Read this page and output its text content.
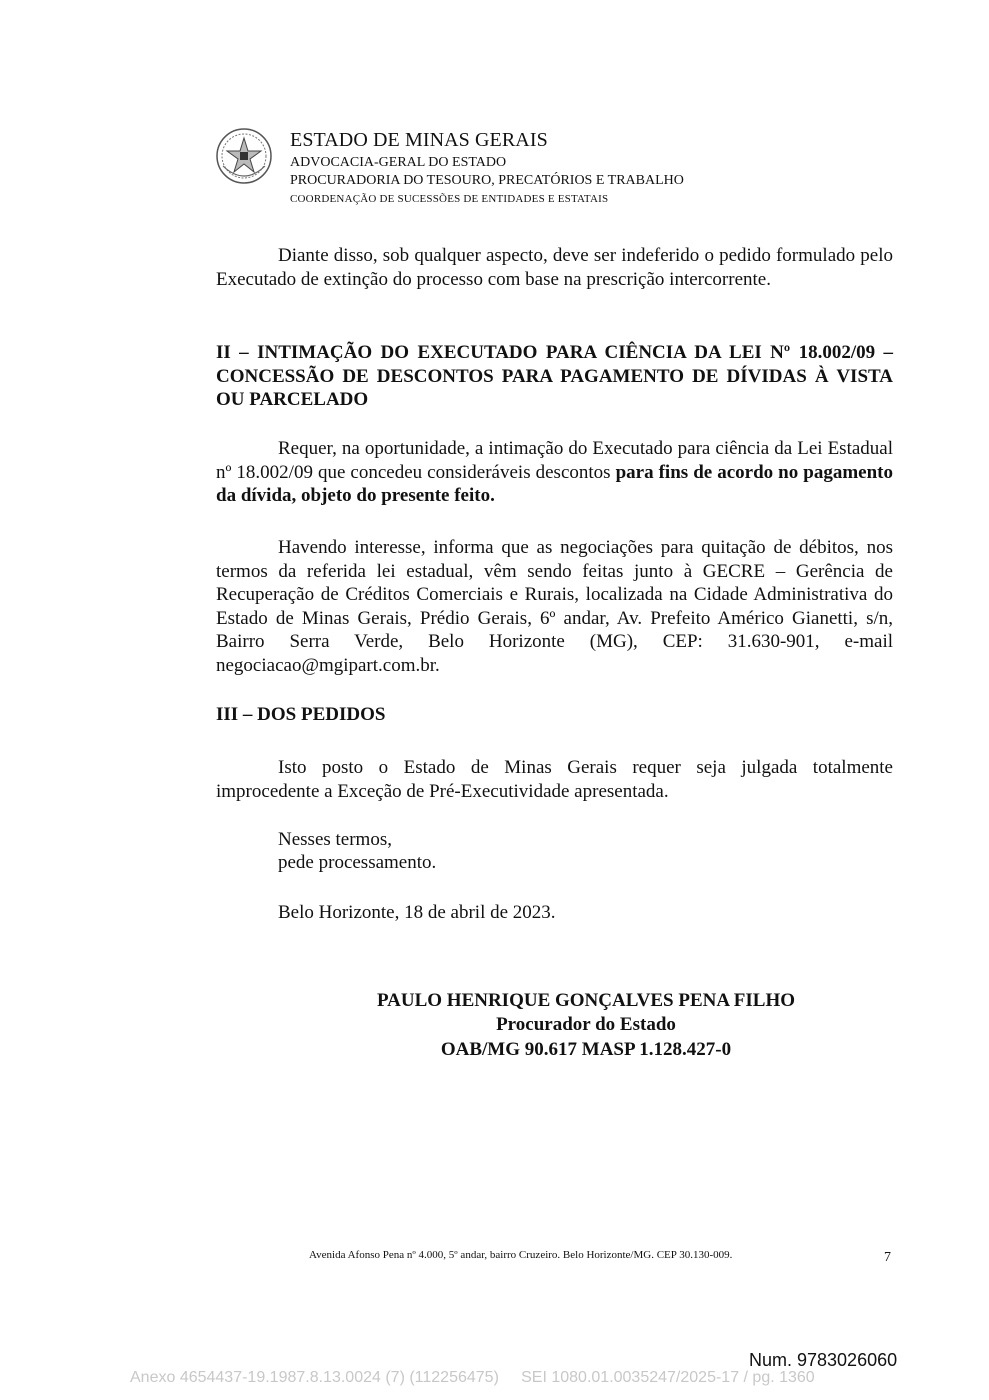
ESTADO DE MINAS GERAIS
ADVOCACIA-GERAL DO ESTADO
PROCURADORIA DO TESOURO, PRECATÓRIOS E TRABALHO
COORDENAÇÃO DE SUCESSÕES DE ENTIDADES E ESTATAIS

Diante disso, sob qualquer aspecto, deve ser indeferido o pedido formulado pelo Executado de extinção do processo com base na prescrição intercorrente.

II – INTIMAÇÃO DO EXECUTADO PARA CIÊNCIA DA LEI Nº 18.002/09 – CONCESSÃO DE DESCONTOS PARA PAGAMENTO DE DÍVIDAS À VISTA OU PARCELADO

Requer, na oportunidade, a intimação do Executado para ciência da Lei Estadual nº 18.002/09 que concedeu consideráveis descontos para fins de acordo no pagamento da dívida, objeto do presente feito.

Havendo interesse, informa que as negociações para quitação de débitos, nos termos da referida lei estadual, vêm sendo feitas junto à GECRE – Gerência de Recuperação de Créditos Comerciais e Rurais, localizada na Cidade Administrativa do Estado de Minas Gerais, Prédio Gerais, 6º andar, Av. Prefeito Américo Gianetti, s/n, Bairro Serra Verde, Belo Horizonte (MG), CEP: 31.630-901, e-mail negociacao@mgipart.com.br.

III – DOS PEDIDOS

Isto posto o Estado de Minas Gerais requer seja julgada totalmente improcedente a Exceção de Pré-Executividade apresentada.

Nesses termos,
pede processamento.
Belo Horizonte, 18 de abril de 2023.
PAULO HENRIQUE GONÇALVES PENA FILHO
Procurador do Estado
OAB/MG 90.617 MASP 1.128.427-0
Avenida Afonso Pena nº 4.000, 5º andar, bairro Cruzeiro. Belo Horizonte/MG. CEP 30.130-009.	7
Num. 9783026060
Anexo 4654437-19.1987.8.13.0024 (7) (112256475)     SEI 1080.01.0035247/2025-17 / pg. 1360
